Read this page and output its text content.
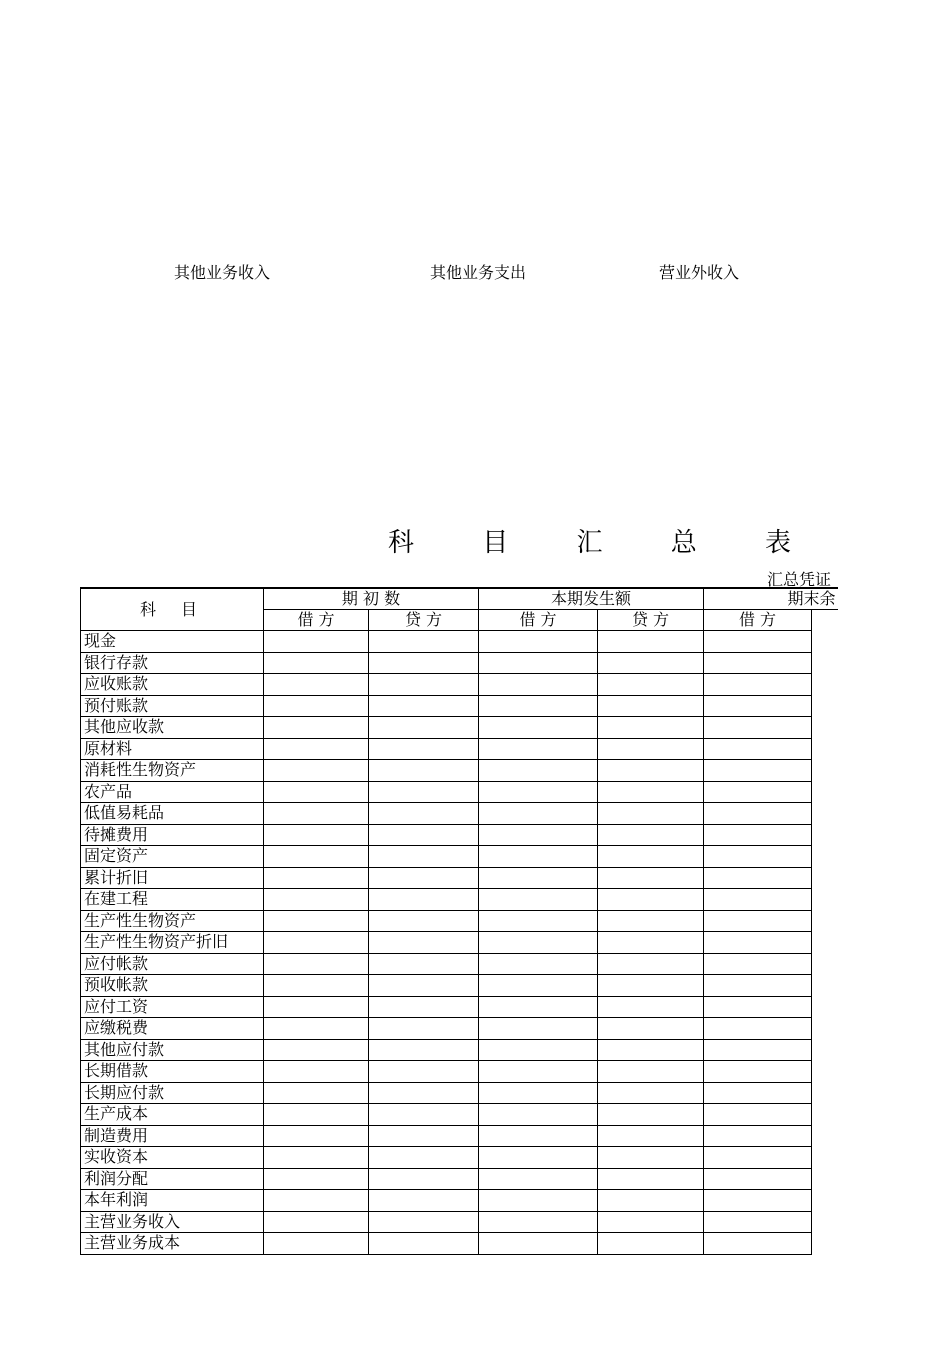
其他业务收入	其他业务支出	营业外收入
科 目 汇 总 表
汇总凭证
科 目	期 初 数		本期发生额		期末余	
	借 方	贷 方	借 方	贷 方	借 方	
现金						
银行存款						
应收账款						
预付账款						
其他应收款						
原材料						
消耗性生物资产						
农产品						
低值易耗品						
待摊费用						
固定资产						
累计折旧						
在建工程						
生产性生物资产						
生产性生物资产折旧						
应付帐款						
预收帐款						
应付工资						
应缴税费						
其他应付款						
长期借款						
长期应付款						
生产成本						
制造费用						
实收资本						
利润分配						
本年利润						
主营业务收入						
主营业务成本						
